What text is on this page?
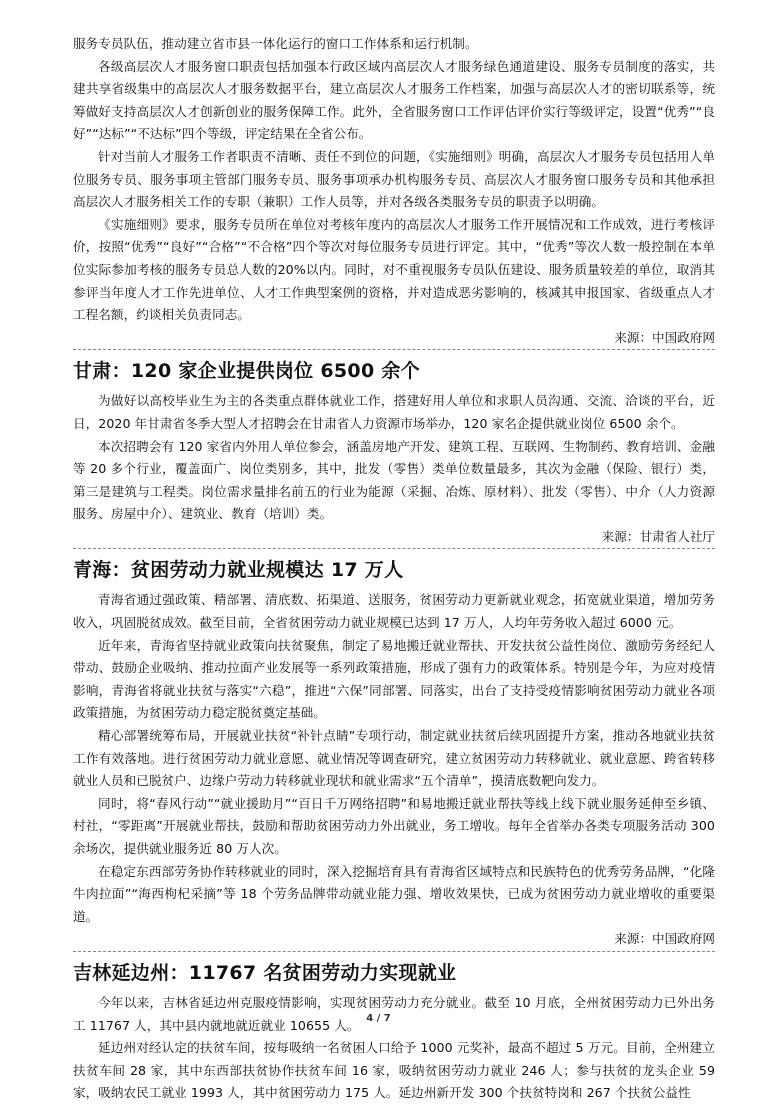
服务专员队伍，推动建立省市县一体化运行的窗口工作体系和运行机制。

各级高层次人才服务窗口职责包括加强本行政区域内高层次人才服务绿色通道建设、服务专员制度的落实，共建共享省级集中的高层次人才服务数据平台，建立高层次人才服务工作档案，加强与高层次人才的密切联系等，统筹做好支持高层次人才创新创业的服务保障工作。此外，全省服务窗口工作评估评价实行等级评定，设置“优秀”“良好”“达标”“不达标”四个等级，评定结果在全省公布。

针对当前人才服务工作者职责不清晰、责任不到位的问题，《实施细则》明确，高层次人才服务专员包括用人单位服务专员、服务事项主管部门服务专员、服务事项承办机构服务专员、高层次人才服务窗口服务专员和其他承担高层次人才服务相关工作的专职（兼职）工作人员等，并对各级各类服务专员的职责予以明确。

《实施细则》要求，服务专员所在单位对考核年度内的高层次人才服务工作开展情况和工作成效，进行考核评价，按照“优秀”“良好”“合格”“不合格”四个等次对每位服务专员进行评定。其中，“优秀”等次人数一般控制在本单位实际参加考核的服务专员总人数的20%以内。同时，对不重视服务专员队伍建设、服务质量较差的单位，取消其参评当年度人才工作先进单位、人才工作典型案例的资格，并对造成恶劣影响的，核减其申报国家、省级重点人才工程名额，约谈相关负责同志。

来源：中国政府网

甘肃：120 家企业提供岗位 6500 余个

为做好以高校毕业生为主的各类重点群体就业工作，搭建好用人单位和求职人员沟通、交流、洽谈的平台，近日，2020 年甘肃省冬季大型人才招聘会在甘肃省人力资源市场举办，120 家名企提供就业岗位 6500 余个。

本次招聘会有 120 家省内外用人单位参会，涵盖房地产开发、建筑工程、互联网、生物制药、教育培训、金融等 20 多个行业，覆盖面广、岗位类别多，其中，批发（零售）类单位数量最多，其次为金融（保险、银行）类，第三是建筑与工程类。岗位需求量排名前五的行业为能源（采掘、冶炼、原材料）、批发（零售）、中介（人力资源服务、房屋中介）、建筑业、教育（培训）类。

来源：甘肃省人社厅

青海：贫困劳动力就业规模达 17 万人

青海省通过强政策、精部署、清底数、拓渠道、送服务，贫困劳动力更新就业观念，拓宽就业渠道，增加劳务收入，巩固脱贫成效。截至目前，全省贫困劳动力就业规模已达到 17 万人，人均年劳务收入超过 6000 元。

近年来，青海省坚持就业政策向扶贫聚焦，制定了易地搬迁就业帮扶、开发扶贫公益性岗位、激励劳务经纪人带动、鼓励企业吸纳、推动拉面产业发展等一系列政策措施，形成了强有力的政策体系。特别是今年，为应对疫情影响，青海省将就业扶贫与落实“六稳”，推进“六保”同部署、同落实，出台了支持受疫情影响贫困劳动力就业各项政策措施，为贫困劳动力稳定脱贫奠定基础。

精心部署统筹布局，开展就业扶贫“补针点睛”专项行动，制定就业扶贫后续巩固提升方案，推动各地就业扶贫工作有效落地。进行贫困劳动力就业意愿、就业情况等调查研究，建立贫困劳动力转移就业、就业意愿、跨省转移就业人员和已脱贫户、边缘户劳动力转移就业现状和就业需求“五个清单”，摸清底数靶向发力。

同时，将“春风行动”“就业援助月”“百日千万网络招聘”和易地搬迁就业帮扶等线上线下就业服务延伸至乡镇、村社，“零距离”开展就业帮扶，鼓励和帮助贫困劳动力外出就业，务工增收。每年全省举办各类专项服务活动 300 余场次，提供就业服务近 80 万人次。

在稳定东西部劳务协作转移就业的同时，深入挖掘培育具有青海省区域特点和民族特色的优秀劳务品牌，“化隆牛肉拉面”“海西枸杞采摘”等 18 个劳务品牌带动就业能力强、增收效果快，已成为贫困劳动力就业增收的重要渠道。

来源：中国政府网

吉林延边州：11767 名贫困劳动力实现就业

今年以来，吉林省延边州克服疫情影响，实现贫困劳动力充分就业。截至 10 月底，全州贫困劳动力已外出务工 11767 人，其中县内就地就近就业 10655 人。

延边州对经认定的扶贫车间，按每吸纳一名贫困人口给予 1000 元奖补，最高不超过 5 万元。目前，全州建立扶贫车间 28 家，其中东西部扶贫协作扶贫车间 16 家，吸纳贫困劳动力就业 246 人；参与扶贫的龙头企业 59 家，吸纳农民工就业 1993 人，其中贫困劳动力 175 人。延边州新开发 300 个扶贫特岗和 267 个扶贫公益性

4 / 7
